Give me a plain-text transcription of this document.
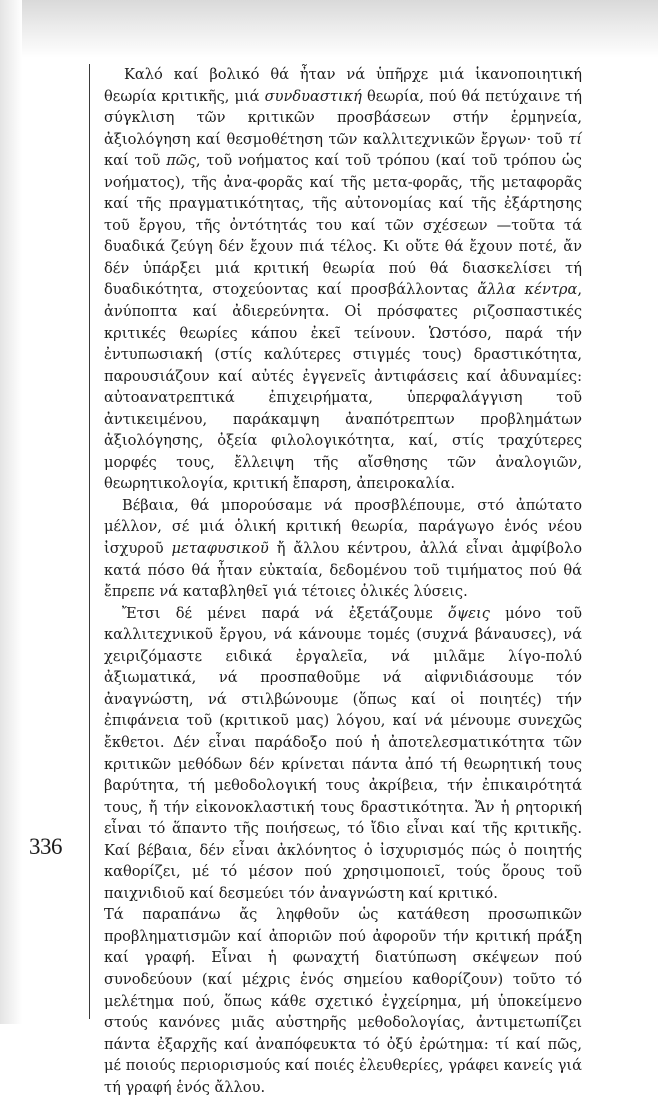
336

Καλό καί βολικό θά ἦταν νά ὑπῆρχε μιά ἱκανοποιητική θεωρία κριτικῆς, μιά συνδυαστική θεωρία, πού θά πετύχαινε τή σύγκλιση τῶν κριτικῶν προσβάσεων στήν ἑρμηνεία, ἀξιολόγηση καί θεσμοθέτηση τῶν καλλιτεχνικῶν ἔργων· τοῦ τί καί τοῦ πῶς, τοῦ νοήματος καί τοῦ τρόπου (καί τοῦ τρόπου ὡς νοήματος), τῆς ἀνα-φορᾶς καί τῆς μετα-φορᾶς, τῆς μεταφορᾶς καί τῆς πραγματικότητας, τῆς αὐτονομίας καί τῆς ἐξάρτησης τοῦ ἔργου, τῆς ὀντότητάς του καί τῶν σχέσεων —τοῦτα τά δυαδικά ζεύγη δέν ἔχουν πιά τέλος. Κι οὔτε θά ἔχουν ποτέ, ἄν δέν ὑπάρξει μιά κριτική θεωρία πού θά διασκελίσει τή δυαδικότητα, στοχεύοντας καί προσβάλλοντας ἄλλα κέντρα, ἀνύποπτα καί ἀδιερεύνητα. Οἱ πρόσφατες ριζοσπαστικές κριτικές θεωρίες κάπου ἐκεῖ τείνουν. Ὡστόσο, παρά τήν ἐντυπωσιακή (στίς καλύτερες στιγμές τους) δραστικότητα, παρουσιάζουν καί αὐτές ἐγγενεῖς ἀντιφάσεις καί ἀδυναμίες: αὐτοανατρεπτικά ἐπιχειρήματα, ὑπερφαλάγγιση τοῦ ἀντικειμένου, παράκαμψη ἀναπότρεπτων προβλημάτων ἀξιολόγησης, ὀξεία φιλολογικότητα, καί, στίς τραχύτερες μορφές τους, ἔλλειψη τῆς αἴσθησης τῶν ἀναλογιῶν, θεωρητικολογία, κριτική ἔπαρση, ἀπειροκαλία.

Βέβαια, θά μπορούσαμε νά προσβλέπουμε, στό ἀπώτατο μέλλον, σέ μιά ὁλική κριτική θεωρία, παράγωγο ἑνός νέου ἰσχυροῦ μεταφυσικοῦ ἤ ἄλλου κέντρου, ἀλλά εἶναι ἀμφίβολο κατά πόσο θά ἦταν εὐκταία, δεδομένου τοῦ τιμήματος πού θά ἔπρεπε νά καταβληθεῖ γιά τέτοιες ὁλικές λύσεις.

Ἔτσι δέ μένει παρά νά ἐξετάζουμε ὄψεις μόνο τοῦ καλλιτεχνικοῦ ἔργου, νά κάνουμε τομές (συχνά βάναυσες), νά χειριζόμαστε ειδικά ἐργαλεῖα, νά μιλᾶμε λίγο-πολύ ἀξιωματικά, νά προσπαθοῦμε νά αἰφνιδιάσουμε τόν ἀναγνώστη, νά στιλβώνουμε (ὅπως καί οἱ ποιητές) τήν ἐπιφάνεια τοῦ (κριτικοῦ μας) λόγου, καί νά μένουμε συνεχῶς ἔκθετοι. Δέν εἶναι παράδοξο πού ἡ ἀποτελεσματικότητα τῶν κριτικῶν μεθόδων δέν κρίνεται πάντα ἀπό τή θεωρητική τους βαρύτητα, τή μεθοδολογική τους ἀκρίβεια, τήν ἐπικαιρότητά τους, ἤ τήν εἰκονοκλαστική τους δραστικότητα. Ἄν ἡ ρητορική εἶναι τό ἅπαντο τῆς ποιήσεως, τό ἴδιο εἶναι καί τῆς κριτικῆς. Καί βέβαια, δέν εἶναι ἀκλόνητος ὁ ἰσχυρισμός πώς ὁ ποιητής καθορίζει, μέ τό μέσον πού χρησιμοποιεῖ, τούς ὅρους τοῦ παιχνιδιοῦ καί δεσμεύει τόν ἀναγνώστη καί κριτικό.

Τά παραπάνω ἄς ληφθοῦν ὡς κατάθεση προσωπικῶν προβληματισμῶν καί ἀποριῶν πού ἀφοροῦν τήν κριτική πράξη καί γραφή. Εἶναι ἡ φωναχτή διατύπωση σκέψεων πού συνοδεύουν (καί μέχρις ἑνός σημείου καθορίζουν) τοῦτο τό μελέτημα πού, ὅπως κάθε σχετικό ἐγχείρημα, μή ὑποκείμενο στούς κανόνες μιᾶς αὐστηρῆς μεθοδολογίας, ἀντιμετωπίζει πάντα ἐξαρχῆς καί ἀναπόφευκτα τό ὀξύ ἐρώτημα: τί καί πῶς, μέ ποιούς περιορισμούς καί ποιές ἐλευθερίες, γράφει κανείς γιά τή γραφή ἑνός ἄλλου.
